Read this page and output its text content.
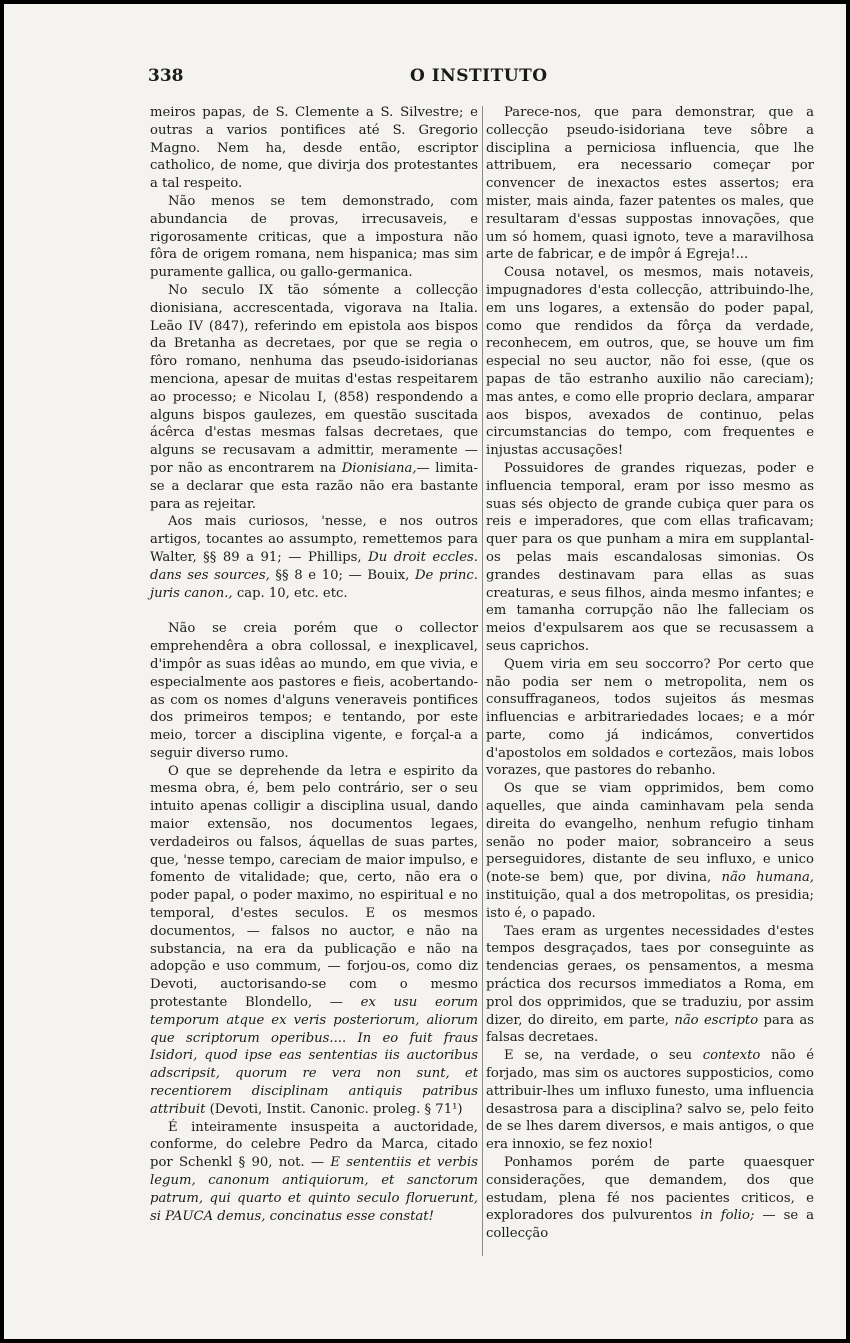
338	O INSTITUTO

meiros papas, de S. Clemente a S. Silvestre; e outras a varios pontifices até S. Gregorio Magno. Nem ha, desde então, escriptor catholico, de nome, que divirja dos protestantes a tal respeito.

Não menos se tem demonstrado, com abundancia de provas, irrecusaveis, e rigorosamente criticas, que a impostura não fôra de origem romana, nem hispanica; mas sim puramente gallica, ou gallo-germanica.

No seculo IX tão sómente a collecção dionisiana, accrescentada, vigorava na Italia. Leão IV (847), referindo em epistola aos bispos da Bretanha as decretaes, por que se regia o fôro romano, nenhuma das pseudo-isidorianas menciona, apesar de muitas d'estas respeitarem ao processo; e Nicolau I, (858) respondendo a alguns bispos gaulezes, em questão suscitada ácêrca d'estas mesmas falsas decretaes, que alguns se recusavam a admittir, meramente — por não as encontrarem na Dionisiana,— limita-se a declarar que esta razão não era bastante para as rejeitar.

Aos mais curiosos, 'nesse, e nos outros artigos, tocantes ao assumpto, remettemos para Walter, §§ 89 a 91; — Phillips, Du droit eccles. dans ses sources, §§ 8 e 10; — Bouix, De princ. juris canon., cap. 10, etc. etc.

Não se creia porém que o collector emprehendêra a obra collossal, e inexplicavel, d'impôr as suas idêas ao mundo, em que vivia, e especialmente aos pastores e fieis, acobertando-as com os nomes d'alguns veneraveis pontifices dos primeiros tempos; e tentando, por este meio, torcer a disciplina vigente, e forçal-a a seguir diverso rumo.

O que se deprehende da letra e espirito da mesma obra, é, bem pelo contrário, ser o seu intuito apenas colligir a disciplina usual, dando maior extensão, nos documentos legaes, verdadeiros ou falsos, áquellas de suas partes, que, 'nesse tempo, careciam de maior impulso, e fomento de vitalidade; que, certo, não era o poder papal, o poder maximo, no espiritual e no temporal, d'estes seculos. E os mesmos documentos, — falsos no auctor, e não na substancia, na era da publicação e não na adopção e uso commum, — forjou-os, como diz Devoti, auctorisando-se com o mesmo protestante Blondello, — ex usu eorum temporum atque ex veris posteriorum, aliorum que scriptorum operibus.... In eo fuit fraus Isidori, quod ipse eas sententias iis auctoribus adscripsit, quorum re vera non sunt, et recentiorem disciplinam antiquis patribus attribuit (Devoti, Instit. Canonic. proleg. § 71¹)

É inteiramente insuspeita a auctoridade, conforme, do celebre Pedro da Marca, citado por Schenkl § 90, not. — E sententiis et verbis legum, canonum antiquiorum, et sanctorum patrum, qui quarto et quinto seculo floruerunt, si PAUCA demus, concinatus esse constat!

Parece-nos, que para demonstrar, que a collecção pseudo-isidoriana teve sôbre a disciplina a perniciosa influencia, que lhe attribuem, era necessario começar por convencer de inexactos estes assertos; era mister, mais ainda, fazer patentes os males, que resultaram d'essas suppostas innovações, que um só homem, quasi ignoto, teve a maravilhosa arte de fabricar, e de impôr á Egreja!...

Cousa notavel, os mesmos, mais notaveis, impugnadores d'esta collecção, attribuindo-lhe, em uns logares, a extensão do poder papal, como que rendidos da fôrça da verdade, reconhecem, em outros, que, se houve um fim especial no seu auctor, não foi esse, (que os papas de tão estranho auxilio não careciam); mas antes, e como elle proprio declara, amparar aos bispos, avexados de continuo, pelas circumstancias do tempo, com frequentes e injustas accusações!

Possuidores de grandes riquezas, poder e influencia temporal, eram por isso mesmo as suas sés objecto de grande cubiça quer para os reis e imperadores, que com ellas traficavam; quer para os que punham a mira em supplantal-os pelas mais escandalosas simonias. Os grandes destinavam para ellas as suas creaturas, e seus filhos, ainda mesmo infantes; e em tamanha corrupção não lhe falleciam os meios d'expulsarem aos que se recusassem a seus caprichos.

Quem viria em seu soccorro? Por certo que não podia ser nem o metropolita, nem os consuffraganeos, todos sujeitos ás mesmas influencias e arbitrariedades locaes; e a mór parte, como já indicámos, convertidos d'apostolos em soldados e cortezãos, mais lobos vorazes, que pastores do rebanho.

Os que se viam opprimidos, bem como aquelles, que ainda caminhavam pela senda direita do evangelho, nenhum refugio tinham senão no poder maior, sobranceiro a seus perseguidores, distante de seu influxo, e unico (note-se bem) que, por divina, não humana, instituição, qual a dos metropolitas, os presidia; isto é, o papado.

Taes eram as urgentes necessidades d'estes tempos desgraçados, taes por conseguinte as tendencias geraes, os pensamentos, a mesma práctica dos recursos immediatos a Roma, em prol dos opprimidos, que se traduziu, por assim dizer, do direito, em parte, não escripto para as falsas decretaes.

E se, na verdade, o seu contexto não é forjado, mas sim os auctores supposticios, como attribuir-lhes um influxo funesto, uma influencia desastrosa para a disciplina? salvo se, pelo feito de se lhes darem diversos, e mais antigos, o que era innoxio, se fez noxio!

Ponhamos porém de parte quaesquer considerações, que demandem, dos que estudam, plena fé nos pacientes criticos, e exploradores dos pulvurentos in folio; — se a collecção
